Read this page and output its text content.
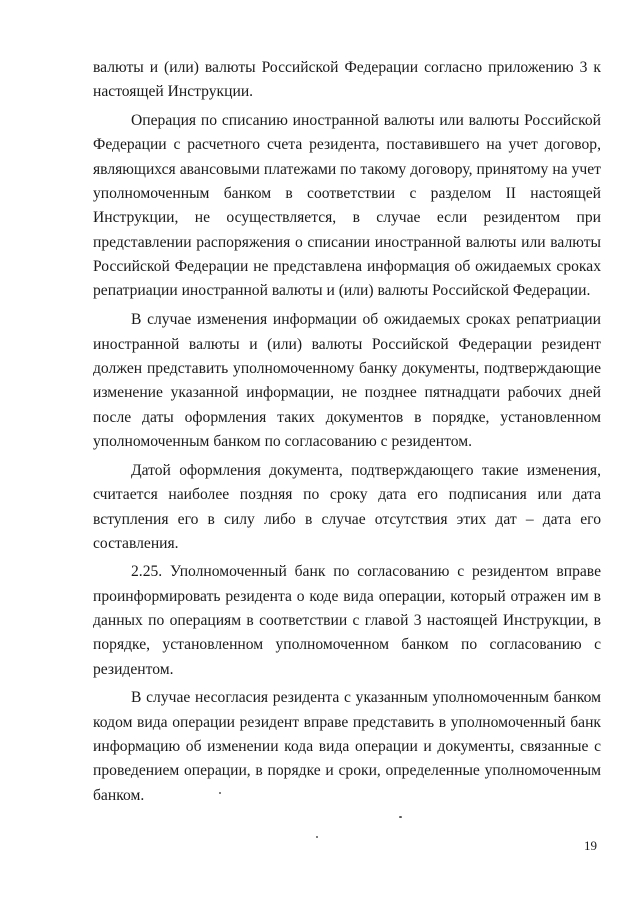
валюты и (или) валюты Российской Федерации согласно приложению 3 к
настоящей Инструкции.
Операция по списанию иностранной валюты или валюты Российской
Федерации с расчетного счета резидента, поставившего на учет договор,
являющихся авансовыми платежами по такому договору, принятому на учет
уполномоченным банком в соответствии с разделом II настоящей
Инструкции, не осуществляется, в случае если резидентом при
представлении распоряжения о списании иностранной валюты или валюты
Российской Федерации не представлена информация об ожидаемых сроках
репатриации иностранной валюты и (или) валюты Российской Федерации.
В случае изменения информации об ожидаемых сроках репатриации
иностранной валюты и (или) валюты Российской Федерации резидент
должен представить уполномоченному банку документы, подтверждающие
изменение указанной информации, не позднее пятнадцати рабочих дней
после даты оформления таких документов в порядке, установленном
уполномоченным банком по согласованию с резидентом.
Датой оформления документа, подтверждающего такие изменения,
считается наиболее поздняя по сроку дата его подписания или дата
вступления его в силу либо в случае отсутствия этих дат – дата его
составления.
2.25. Уполномоченный банк по согласованию с резидентом вправе
проинформировать резидента о коде вида операции, который отражен им в
данных по операциям в соответствии с главой 3 настоящей Инструкции, в
порядке, установленном уполномоченном банком по согласованию с
резидентом.
В случае несогласия резидента с указанным уполномоченным банком
кодом вида операции резидент вправе представить в уполномоченный банк
информацию об изменении кода вида операции и документы, связанные с
проведением операции, в порядке и сроки, определенные уполномоченным
банком.
19
